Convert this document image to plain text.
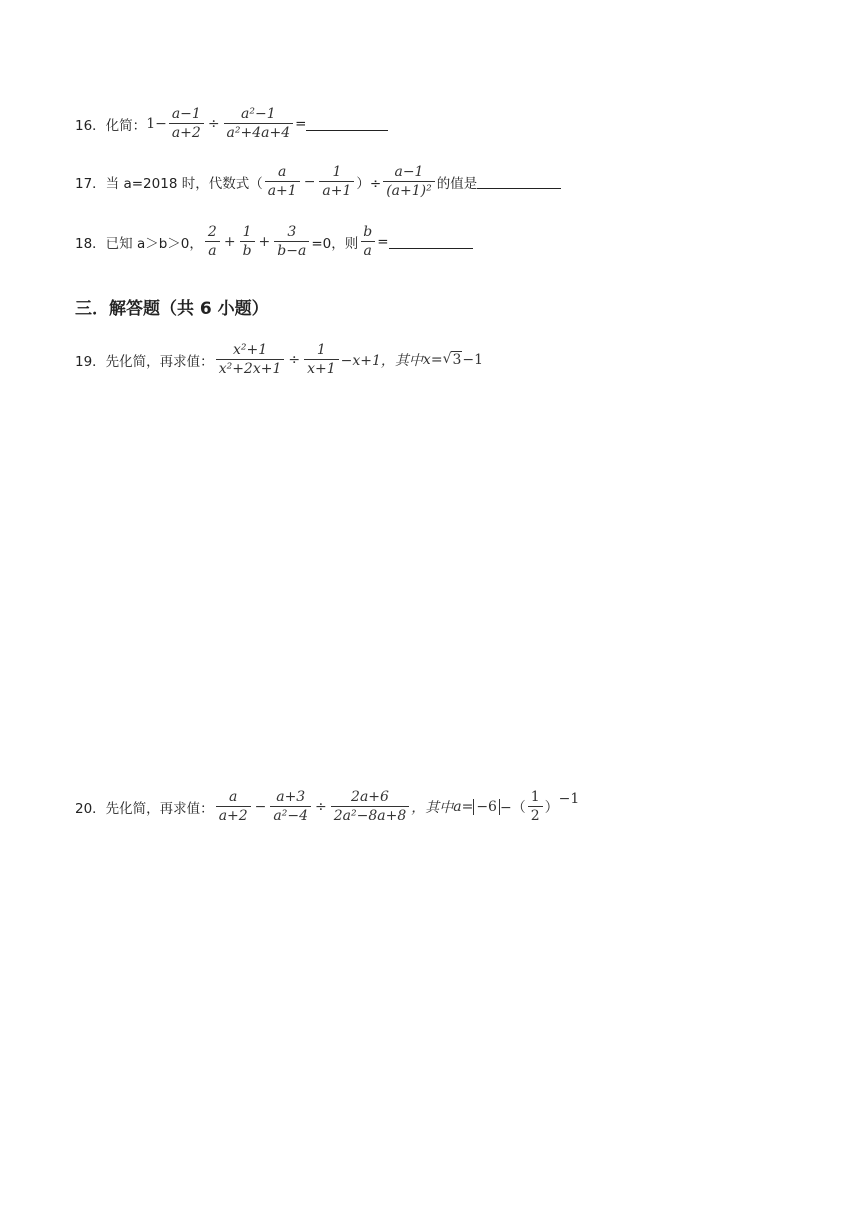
16．化简： $1- \frac{a-1}{a+2} \div \frac{\text{a²−1}}{\text{a²+4a+4}}$ =
17．当 a=2018 时，代数式（ $\frac{a}{a+1} - \frac{1}{a+1}$ ）÷ $\frac{a-1}{\text{(a+1)²}}$ 的值是
18．已知 a＞b＞0， $\frac{2}{a} + \frac{1}{b} + \frac{3}{b-a} =0$，则 $\frac{b}{a}$ =
三．解答题（共 6 小题）
19．先化简，再求值： $\frac{\text{x²+1}}{\text{x²+2x+1}} \div \frac{1}{x+1} -x+1$，其中 x= √ 3 −1
20．先化简，再求值： $\frac{a}{a+2} - \frac{a+3}{\text{a²−4}} \div \frac{2a+6}{\text{2a²−8a+8}}$ ，其中 a= −6 −（ $\frac{1}{2}$ ）
$^{-1}$
